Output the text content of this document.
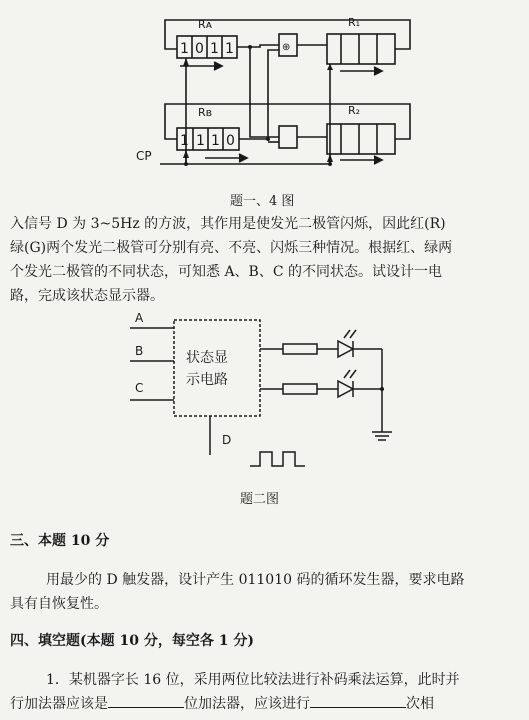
Rᴀ
1 0 1 1
Rʙ
1 1 1 0
R₁
R₂
⊕
CP
题一、4 图
入信号 D 为 3~5Hz 的方波，其作用是使发光二极管闪烁，因此红(R)
绿(G)两个发光二极管可分别有亮、不亮、闪烁三种情况。根据红、绿两
个发光二极管的不同状态，可知悉 A、B、C 的不同状态。试设计一电
路，完成该状态显示器。
A
B
C
D
状态显
示电路
题二图
三、本题 10 分
用最少的 D 触发器，设计产生 011010 码的循环发生器，要求电路
具有自恢复性。
四、填空题(本题 10 分，每空各 1 分)
1．某机器字长 16 位，采用两位比较法进行补码乘法运算，此时并
行加法器应该是	位加法器，应该进行	次相
